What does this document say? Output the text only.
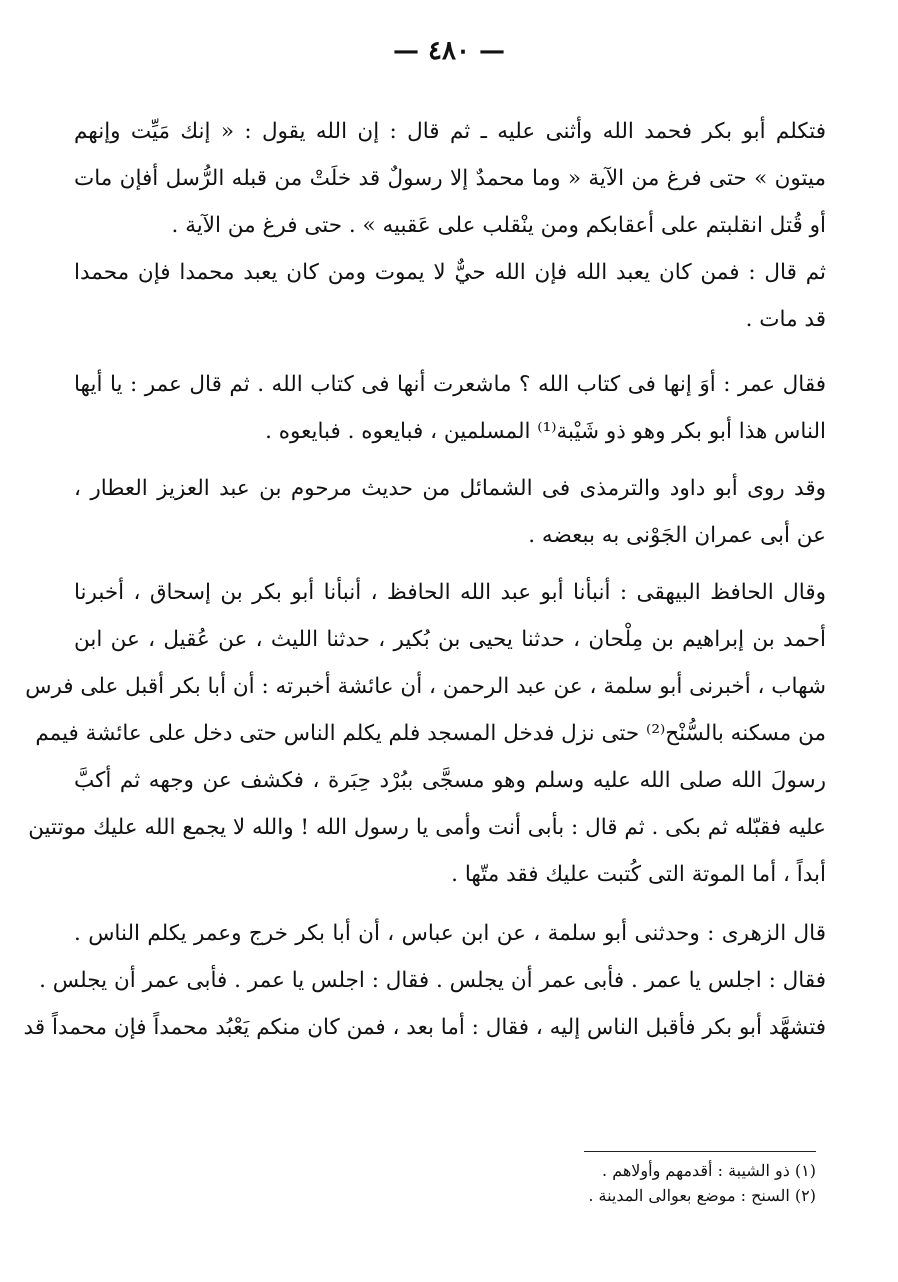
— ٤٨٠ —
فتكلم أبو بكر فحمد الله وأثنى عليه ـ ثم قال : إن الله يقول : « إنك مَيِّت وإنهم
ميتون » حتى فرغ من الآية « وما محمدٌ إلا رسولٌ قد خلَتْ من قبله الرُّسل أفإن مات
أو قُتل انقلبتم على أعقابكم ومن ينْقلب على عَقبيه » . حتى فرغ من الآية .
ثم قال : فمن كان يعبد الله فإن الله حيٌّ لا يموت ومن كان يعبد محمدا فإن محمدا
قد مات .
فقال عمر : أوَ إنها فى كتاب الله ؟ ماشعرت أنها فى كتاب الله . ثم قال عمر : يا أيها
الناس هذا أبو بكر وهو ذو شَيْبة⁽¹⁾ المسلمين ، فبايعوه . فبايعوه .
وقد روى أبو داود والترمذى فى الشمائل من حديث مرحوم بن عبد العزيز العطار ،
عن أبى عمران الجَوْنى به ببعضه .
وقال الحافظ البيهقى : أنبأنا أبو عبد الله الحافظ ، أنبأنا أبو بكر بن إسحاق ، أخبرنا
أحمد بن إبراهيم بن مِلْحان ، حدثنا يحيى بن بُكير ، حدثنا الليث ، عن عُقيل ، عن ابن
شهاب ، أخبرنى أبو سلمة ، عن عبد الرحمن ، أن عائشة أخبرته : أن أبا بكر أقبل على فرس
من مسكنه بالسُّنْح⁽²⁾ حتى نزل فدخل المسجد فلم يكلم الناس حتى دخل على عائشة فيمم
رسولَ الله صلى الله عليه وسلم وهو مسجَّى ببُرْد حِبَرة ، فكشف عن وجهه ثم أكبَّ
عليه فقبّله ثم بكى . ثم قال : بأبى أنت وأمى يا رسول الله ! والله لا يجمع الله عليك موتتين
أبداً ، أما الموتة التى كُتبت عليك فقد متّها .
قال الزهرى : وحدثنى أبو سلمة ، عن ابن عباس ، أن أبا بكر خرج وعمر يكلم الناس .
فقال : اجلس يا عمر . فأبى عمر أن يجلس . فقال : اجلس يا عمر . فأبى عمر أن يجلس .
فتشهَّد أبو بكر فأقبل الناس إليه ، فقال : أما بعد ، فمن كان منكم يَعْبُد محمداً فإن محمداً قد
(١) ذو الشيبة : أقدمهم وأولاهم .
(٢) السنح : موضع بعوالى المدينة .
